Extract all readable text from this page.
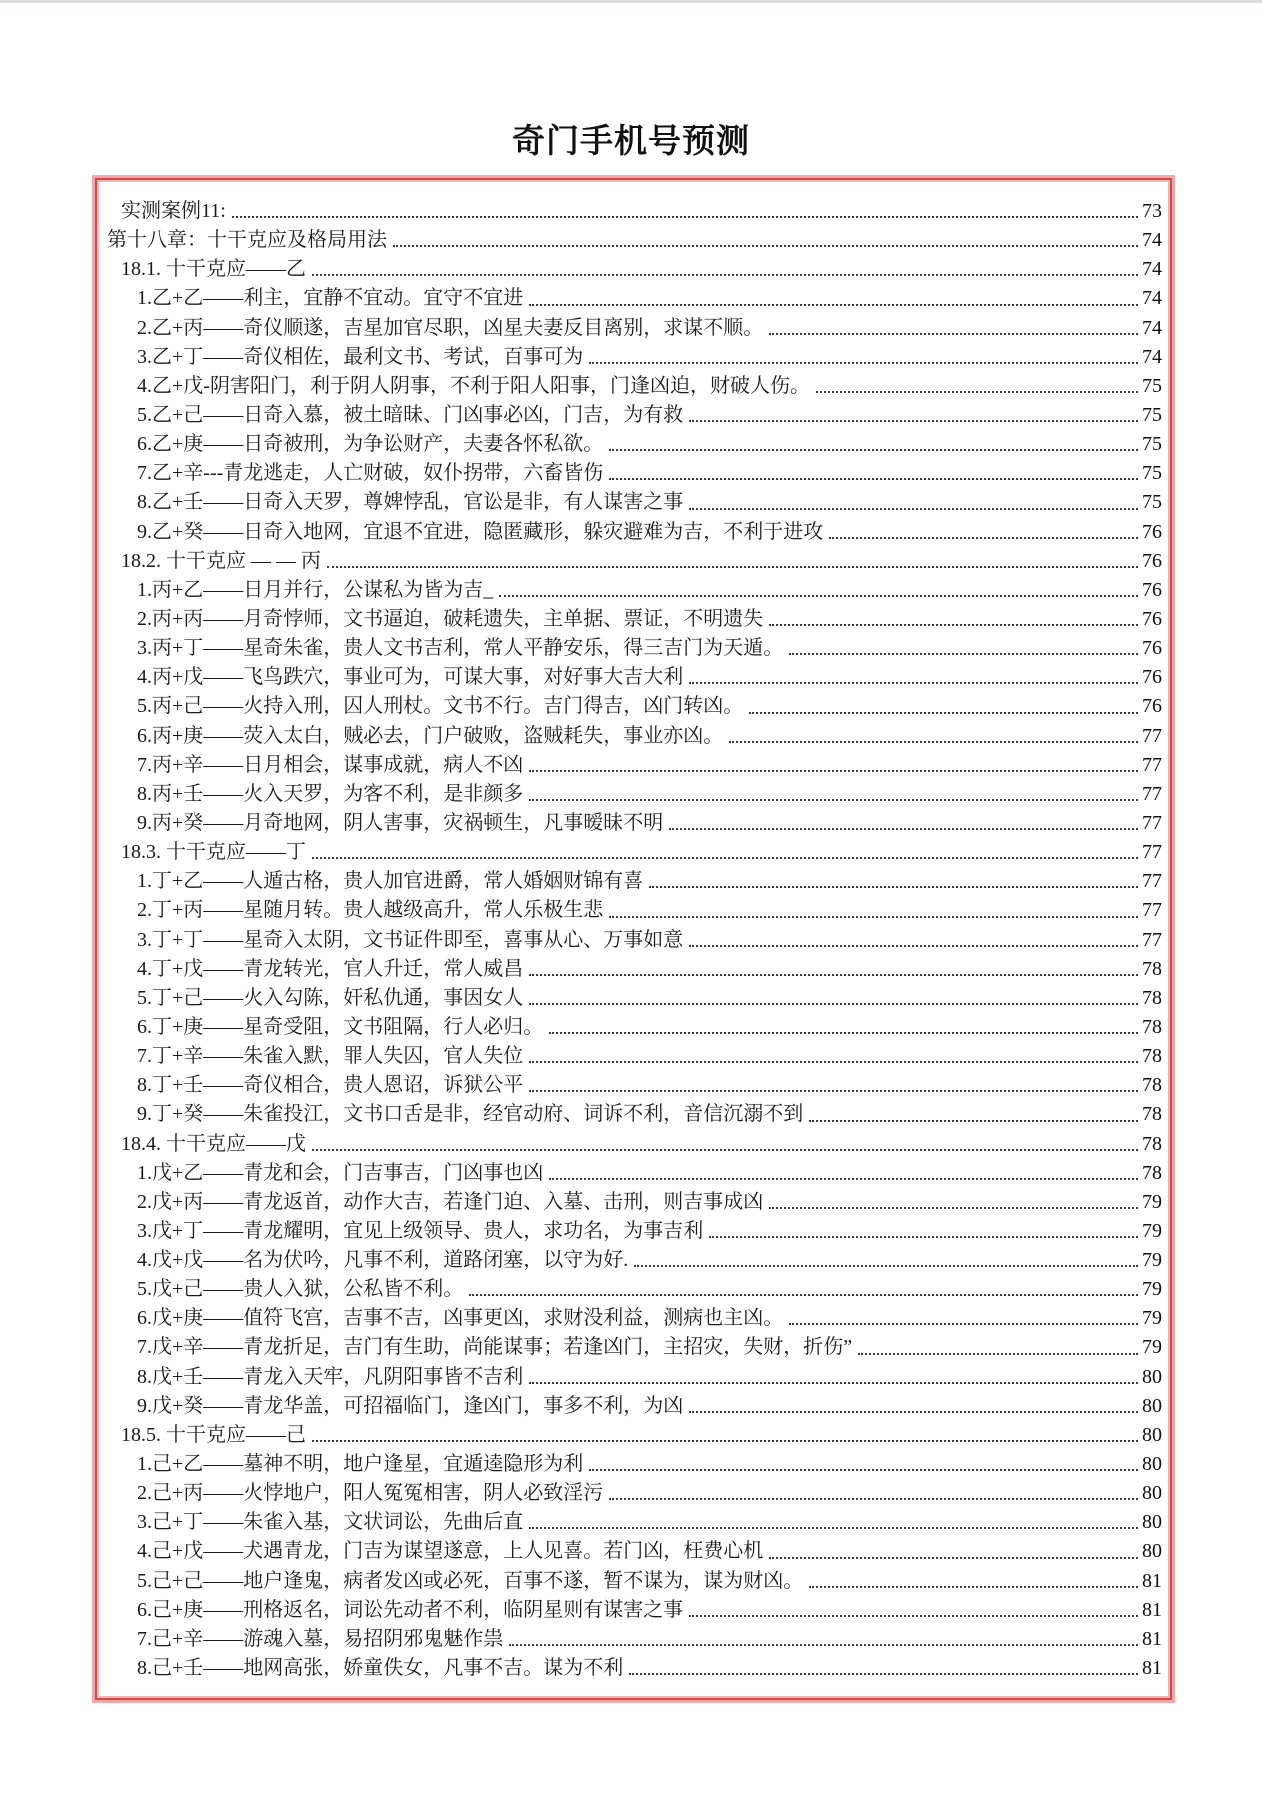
奇门手机号预测
实测案例11:	73
第十八章：十干克应及格局用法	74
18.1. 十干克应——乙	74
1.乙+乙——利主，宜静不宜动。宜守不宜进	74
2.乙+丙——奇仪顺遂，吉星加官尽职，凶星夫妻反目离别，求谋不顺。	74
3.乙+丁——奇仪相佐，最利文书、考试，百事可为	74
4.乙+戊-阴害阳门，利于阴人阴事，不利于阳人阳事，门逢凶迫，财破人伤。	75
5.乙+己——日奇入慕，被土暗昧、门凶事必凶，门吉，为有救	75
6.乙+庚——日奇被刑，为争讼财产，夫妻各怀私欲。	75
7.乙+辛---青龙逃走，人亡财破，奴仆拐带，六畜皆伤	75
8.乙+壬——日奇入天罗，尊婢悖乱，官讼是非，有人谋害之事	75
9.乙+癸——日奇入地网，宜退不宜进，隐匿藏形，躲灾避难为吉，不利于进攻	76
18.2. 十干克应 — — 丙	76
1.丙+乙——日月并行，公谋私为皆为吉_	76
2.丙+丙——月奇悖师，文书逼迫，破耗遗失，主单据、票证，不明遗失	76
3.丙+丁——星奇朱雀，贵人文书吉利，常人平静安乐，得三吉门为天遁。	76
4.丙+戊——飞鸟跌穴，事业可为，可谋大事，对好事大吉大利	76
5.丙+己——火持入刑，囚人刑杖。文书不行。吉门得吉，凶门转凶。	76
6.丙+庚——荧入太白，贼必去，门户破败，盗贼耗失，事业亦凶。	77
7.丙+辛——日月相会，谋事成就，病人不凶	77
8.丙+壬——火入天罗，为客不利，是非颜多	77
9.丙+癸——月奇地网，阴人害事，灾祸顿生，凡事暧昧不明	77
18.3. 十干克应——丁	77
1.丁+乙——人遁古格，贵人加官进爵，常人婚姻财锦有喜	77
2.丁+丙——星随月转。贵人越级高升，常人乐极生悲	77
3.丁+丁——星奇入太阴，文书证件即至，喜事从心、万事如意	77
4.丁+戊——青龙转光，官人升迁，常人威昌	78
5.丁+己——火入勾陈，奸私仇通，事因女人	78
6.丁+庚——星奇受阻，文书阻隔，行人必归。	78
7.丁+辛——朱雀入默，罪人失囚，官人失位	78
8.丁+壬——奇仪相合，贵人恩诏，诉狱公平	78
9.丁+癸——朱雀投江，文书口舌是非，经官动府、词诉不利，音信沉溺不到	78
18.4. 十干克应——戊	78
1.戊+乙——青龙和会，门吉事吉，门凶事也凶	78
2.戊+丙——青龙返首，动作大吉，若逢门迫、入墓、击刑，则吉事成凶	79
3.戊+丁——青龙耀明，宜见上级领导、贵人，求功名，为事吉利	79
4.戊+戊——名为伏吟，凡事不利，道路闭塞，以守为好.	79
5.戊+己——贵人入狱，公私皆不利。	79
6.戊+庚——值符飞宫，吉事不吉，凶事更凶，求财没利益，测病也主凶。	79
7.戊+辛——青龙折足，吉门有生助，尚能谋事；若逢凶门，主招灾，失财，折伤”	79
8.戊+壬——青龙入天牢，凡阴阳事皆不吉利	80
9.戊+癸——青龙华盖，可招福临门，逢凶门，事多不利，为凶	80
18.5. 十干克应——己	80
1.己+乙——墓神不明，地户逢星，宜遁逵隐形为利	80
2.己+丙——火悖地户，阳人冤冤相害，阴人必致淫污	80
3.己+丁——朱雀入基，文状词讼，先曲后直	80
4.己+戊——犬遇青龙，门吉为谋望遂意，上人见喜。若门凶，枉费心机	80
5.己+己——地户逢鬼，病者发凶或必死，百事不遂，暂不谋为，谋为财凶。	81
6.己+庚——刑格返名，词讼先动者不利，临阴星则有谋害之事	81
7.己+辛——游魂入墓，易招阴邪鬼魅作祟	81
8.己+壬——地网高张，娇童佚女，凡事不吉。谋为不利	81
